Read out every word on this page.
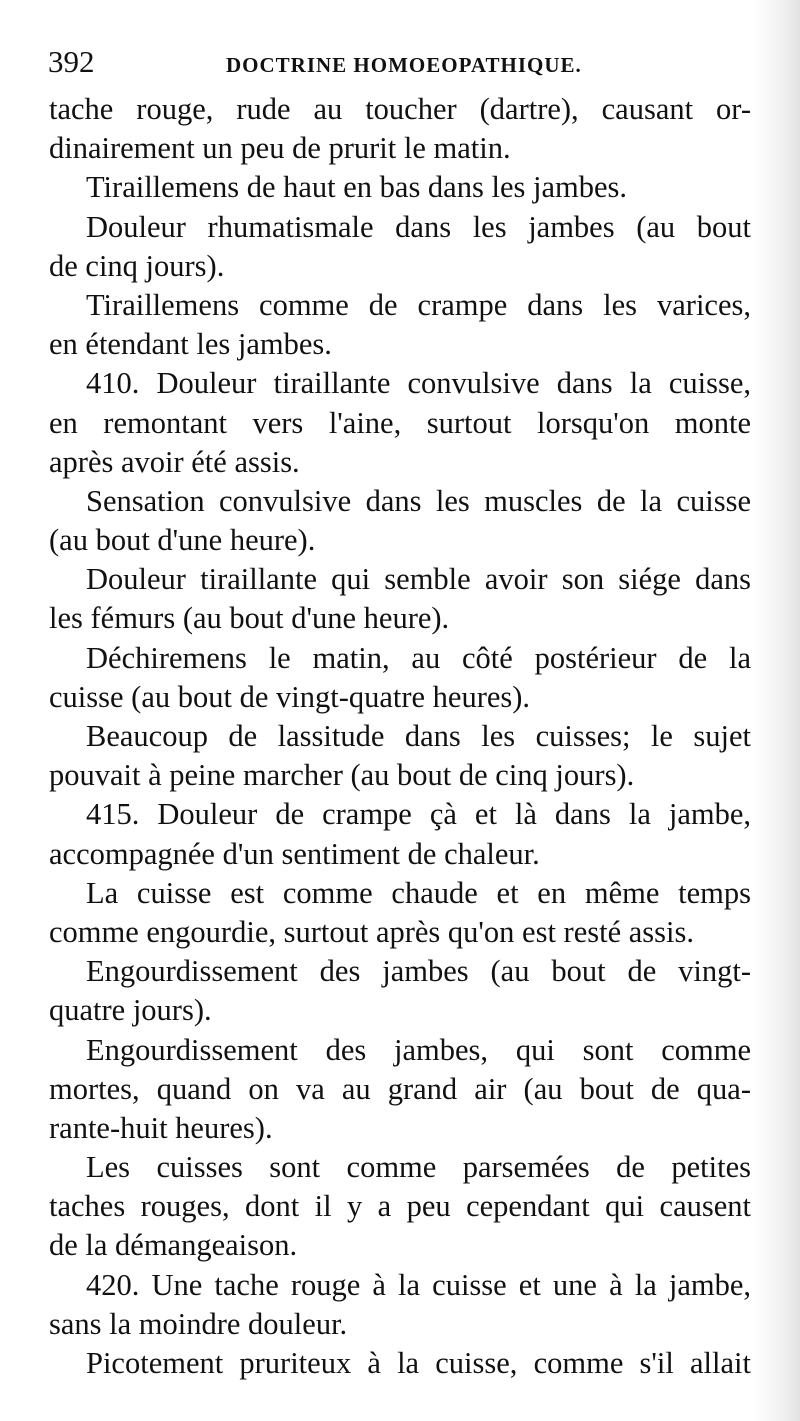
392	DOCTRINE HOMOEOPATHIQUE.
tache rouge, rude au toucher (dartre), causant or-
dinairement un peu de prurit le matin.
Tiraillemens de haut en bas dans les jambes.
Douleur rhumatismale dans les jambes (au bout
de cinq jours).
Tiraillemens comme de crampe dans les varices,
en étendant les jambes.
410. Douleur tiraillante convulsive dans la cuisse,
en remontant vers l'aine, surtout lorsqu'on monte
après avoir été assis.
Sensation convulsive dans les muscles de la cuisse
(au bout d'une heure).
Douleur tiraillante qui semble avoir son siége dans
les fémurs (au bout d'une heure).
Déchiremens le matin, au côté postérieur de la
cuisse (au bout de vingt-quatre heures).
Beaucoup de lassitude dans les cuisses; le sujet
pouvait à peine marcher (au bout de cinq jours).
415. Douleur de crampe çà et là dans la jambe,
accompagnée d'un sentiment de chaleur.
La cuisse est comme chaude et en même temps
comme engourdie, surtout après qu'on est resté assis.
Engourdissement des jambes (au bout de vingt-
quatre jours).
Engourdissement des jambes, qui sont comme
mortes, quand on va au grand air (au bout de qua-
rante-huit heures).
Les cuisses sont comme parsemées de petites
taches rouges, dont il y a peu cependant qui causent
de la démangeaison.
420. Une tache rouge à la cuisse et une à la jambe,
sans la moindre douleur.
Picotement pruriteux à la cuisse, comme s'il allait
